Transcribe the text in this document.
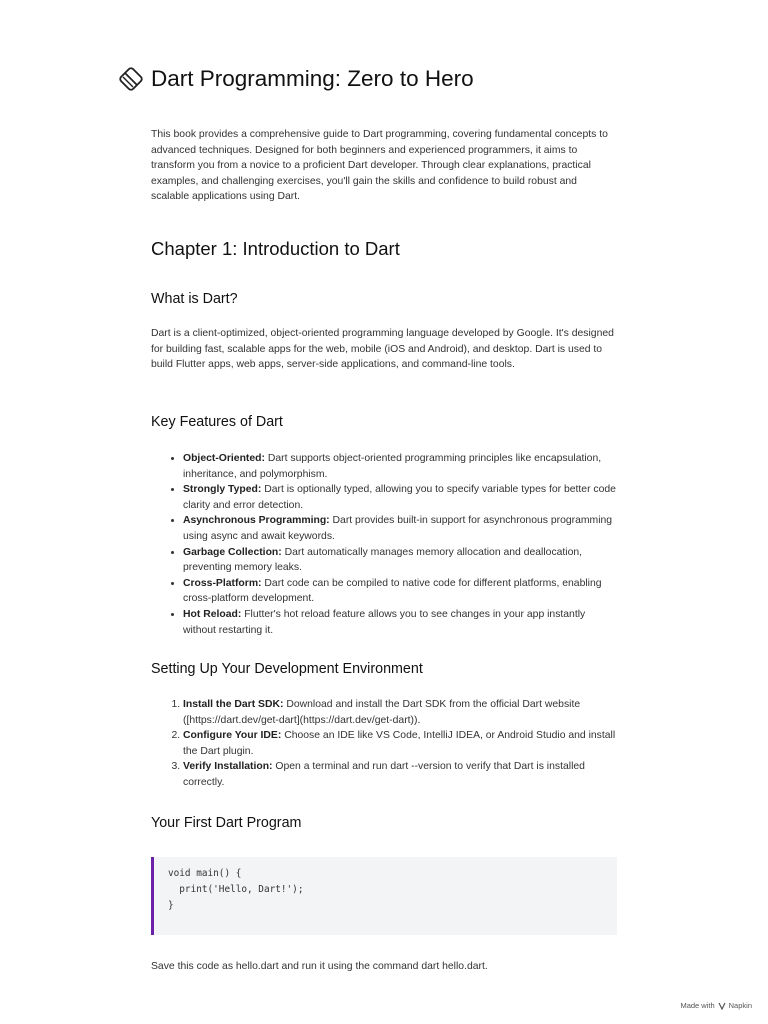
Dart Programming: Zero to Hero

This book provides a comprehensive guide to Dart programming, covering fundamental concepts to advanced techniques. Designed for both beginners and experienced programmers, it aims to transform you from a novice to a proficient Dart developer. Through clear explanations, practical examples, and challenging exercises, you'll gain the skills and confidence to build robust and scalable applications using Dart.

Chapter 1: Introduction to Dart
What is Dart?

Dart is a client-optimized, object-oriented programming language developed by Google. It's designed for building fast, scalable apps for the web, mobile (iOS and Android), and desktop. Dart is used to build Flutter apps, web apps, server-side applications, and command-line tools.

Key Features of Dart
• Object-Oriented: Dart supports object-oriented programming principles like encapsulation, inheritance, and polymorphism.
• Strongly Typed: Dart is optionally typed, allowing you to specify variable types for better code clarity and error detection.
• Asynchronous Programming: Dart provides built-in support for asynchronous programming using async and await keywords.
• Garbage Collection: Dart automatically manages memory allocation and deallocation, preventing memory leaks.
• Cross-Platform: Dart code can be compiled to native code for different platforms, enabling cross-platform development.
• Hot Reload: Flutter's hot reload feature allows you to see changes in your app instantly without restarting it.
Setting Up Your Development Environment
1. Install the Dart SDK: Download and install the Dart SDK from the official Dart website ([https://dart.dev/get-dart](https://dart.dev/get-dart)).
2. Configure Your IDE: Choose an IDE like VS Code, IntelliJ IDEA, or Android Studio and install the Dart plugin.
3. Verify Installation: Open a terminal and run dart --version to verify that Dart is installed correctly.
Your First Dart Program
void main() {
print('Hello, Dart!');
}

Save this code as hello.dart and run it using the command dart hello.dart.

Made with Napkin
